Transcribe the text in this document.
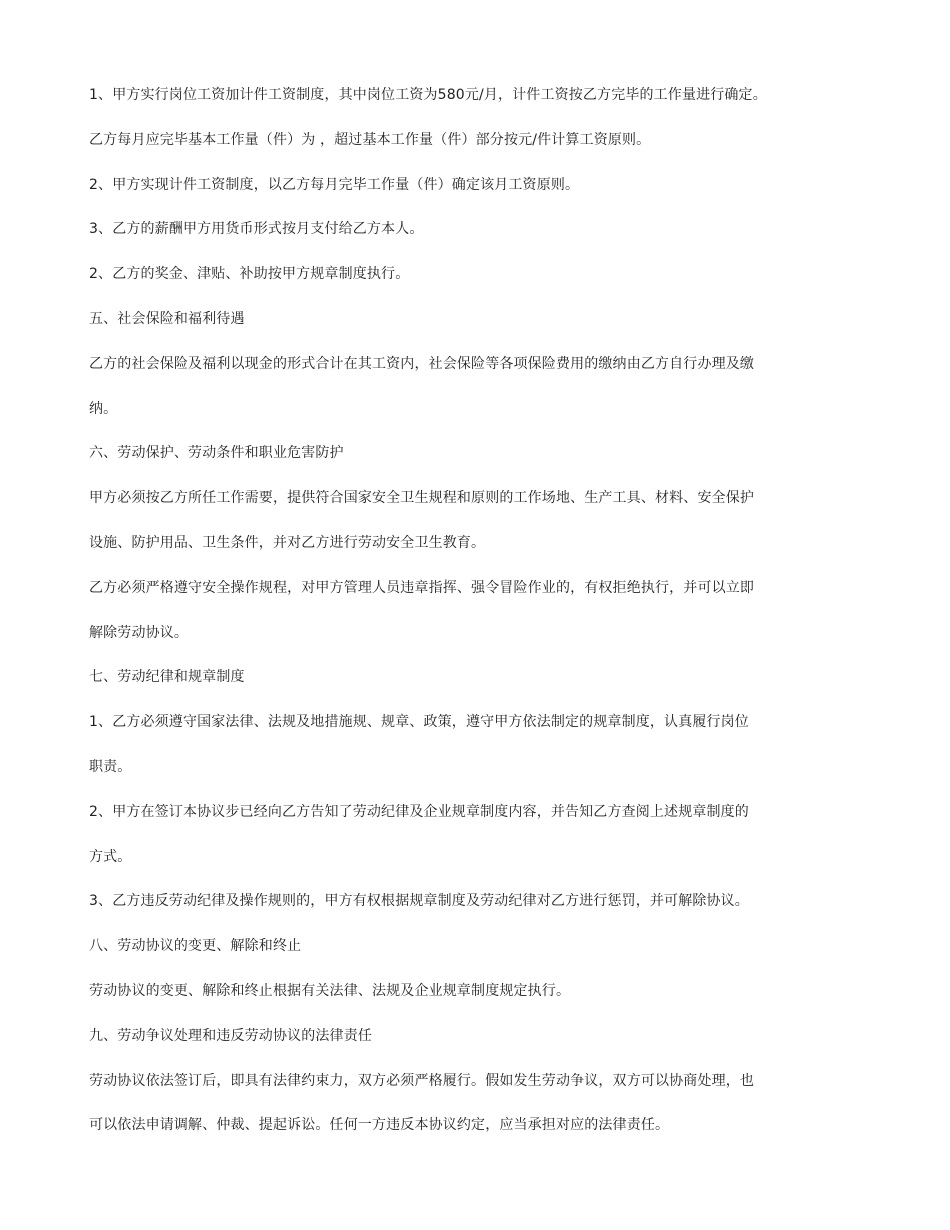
1、甲方实行岗位工资加计件工资制度，其中岗位工资为580元/月，计件工资按乙方完毕的工作量进行确定。
乙方每月应完毕基本工作量（件）为 ，超过基本工作量（件）部分按元/件计算工资原则。
2、甲方实现计件工资制度，以乙方每月完毕工作量（件）确定该月工资原则。
3、乙方的薪酬甲方用货币形式按月支付给乙方本人。
2、乙方的奖金、津贴、补助按甲方规章制度执行。
五、社会保险和福利待遇
乙方的社会保险及福利以现金的形式合计在其工资内，社会保险等各项保险费用的缴纳由乙方自行办理及缴
纳。
六、劳动保护、劳动条件和职业危害防护
甲方必须按乙方所任工作需要，提供符合国家安全卫生规程和原则的工作场地、生产工具、材料、安全保护
设施、防护用品、卫生条件，并对乙方进行劳动安全卫生教育。
乙方必须严格遵守安全操作规程，对甲方管理人员违章指挥、强令冒险作业的，有权拒绝执行，并可以立即
解除劳动协议。
七、劳动纪律和规章制度
1、乙方必须遵守国家法律、法规及地措施规、规章、政策，遵守甲方依法制定的规章制度，认真履行岗位
职责。
2、甲方在签订本协议步已经向乙方告知了劳动纪律及企业规章制度内容，并告知乙方查阅上述规章制度的
方式。
3、乙方违反劳动纪律及操作规则的，甲方有权根据规章制度及劳动纪律对乙方进行惩罚，并可解除协议。
八、劳动协议的变更、解除和终止
劳动协议的变更、解除和终止根据有关法律、法规及企业规章制度规定执行。
九、劳动争议处理和违反劳动协议的法律责任
劳动协议依法签订后，即具有法律约束力，双方必须严格履行。假如发生劳动争议，双方可以协商处理，也
可以依法申请调解、仲裁、提起诉讼。任何一方违反本协议约定，应当承担对应的法律责任。
